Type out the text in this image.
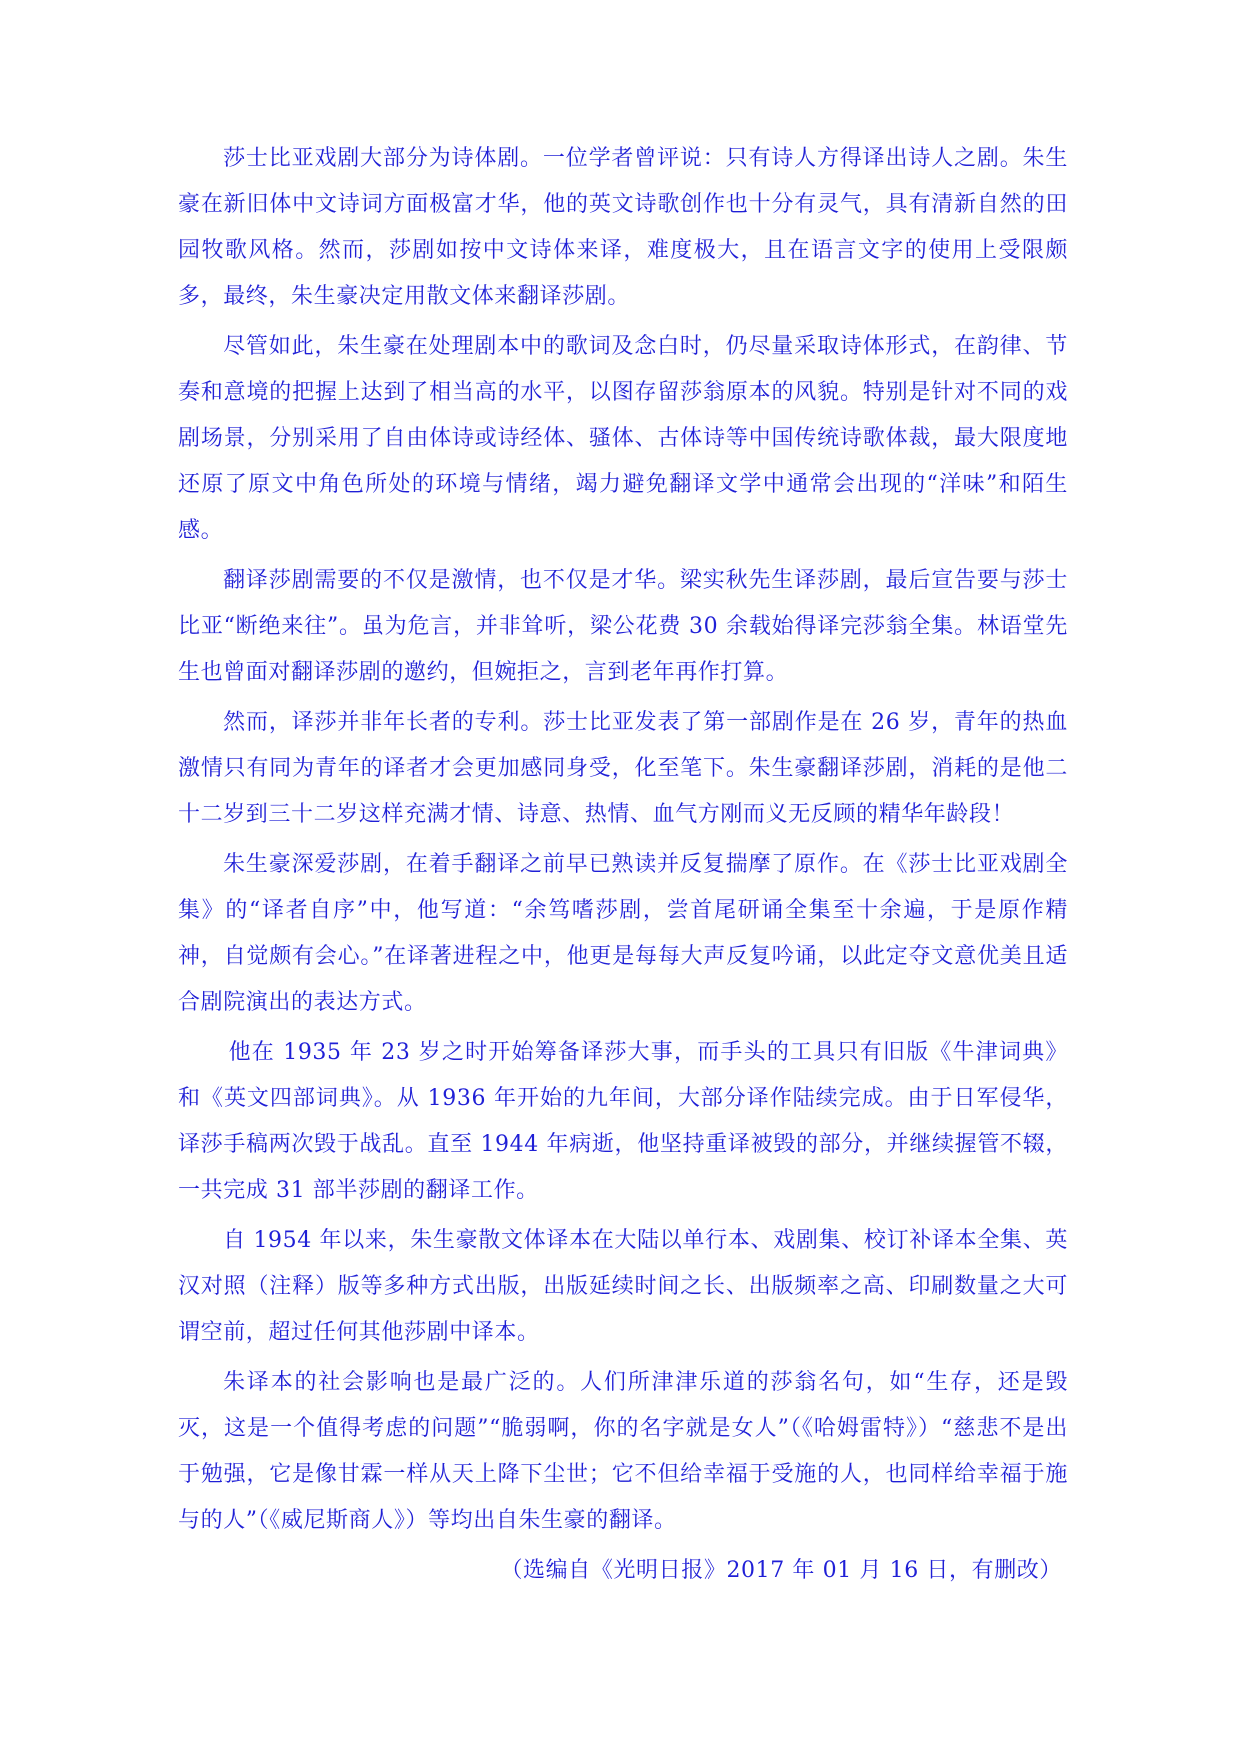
莎士比亚戏剧大部分为诗体剧。一位学者曾评说：只有诗人方得译出诗人之剧。朱生豪在新旧体中文诗词方面极富才华，他的英文诗歌创作也十分有灵气，具有清新自然的田园牧歌风格。然而，莎剧如按中文诗体来译，难度极大，且在语言文字的使用上受限颇多，最终，朱生豪决定用散文体来翻译莎剧。

尽管如此，朱生豪在处理剧本中的歌词及念白时，仍尽量采取诗体形式，在韵律、节奏和意境的把握上达到了相当高的水平，以图存留莎翁原本的风貌。特别是针对不同的戏剧场景，分别采用了自由体诗或诗经体、骚体、古体诗等中国传统诗歌体裁，最大限度地还原了原文中角色所处的环境与情绪，竭力避免翻译文学中通常会出现的“洋味”和陌生感。

翻译莎剧需要的不仅是激情，也不仅是才华。梁实秋先生译莎剧，最后宣告要与莎士比亚“断绝来往”。虽为危言，并非耸听，梁公花费 30 余载始得译完莎翁全集。林语堂先生也曾面对翻译莎剧的邀约，但婉拒之，言到老年再作打算。

然而，译莎并非年长者的专利。莎士比亚发表了第一部剧作是在 26 岁，青年的热血激情只有同为青年的译者才会更加感同身受，化至笔下。朱生豪翻译莎剧，消耗的是他二十二岁到三十二岁这样充满才情、诗意、热情、血气方刚而义无反顾的精华年龄段！

朱生豪深爱莎剧，在着手翻译之前早已熟读并反复揣摩了原作。在《莎士比亚戏剧全集》的“译者自序”中，他写道：“余笃嗜莎剧，尝首尾研诵全集至十余遍，于是原作精神，自觉颇有会心。”在译著进程之中，他更是每每大声反复吟诵，以此定夺文意优美且适合剧院演出的表达方式。

他在 1935 年 23 岁之时开始筹备译莎大事，而手头的工具只有旧版《牛津词典》和《英文四部词典》。从 1936 年开始的九年间，大部分译作陆续完成。由于日军侵华，译莎手稿两次毁于战乱。直至 1944 年病逝，他坚持重译被毁的部分，并继续握管不辍，一共完成 31 部半莎剧的翻译工作。

自 1954 年以来，朱生豪散文体译本在大陆以单行本、戏剧集、校订补译本全集、英汉对照（注释）版等多种方式出版，出版延续时间之长、出版频率之高、印刷数量之大可谓空前，超过任何其他莎剧中译本。

朱译本的社会影响也是最广泛的。人们所津津乐道的莎翁名句，如“生存，还是毁灭，这是一个值得考虑的问题”“脆弱啊，你的名字就是女人”（《哈姆雷特》）“慈悲不是出于勉强，它是像甘霖一样从天上降下尘世；它不但给幸福于受施的人，也同样给幸福于施与的人”（《威尼斯商人》）等均出自朱生豪的翻译。

（选编自《光明日报》2017 年 01 月 16 日，有删改）
